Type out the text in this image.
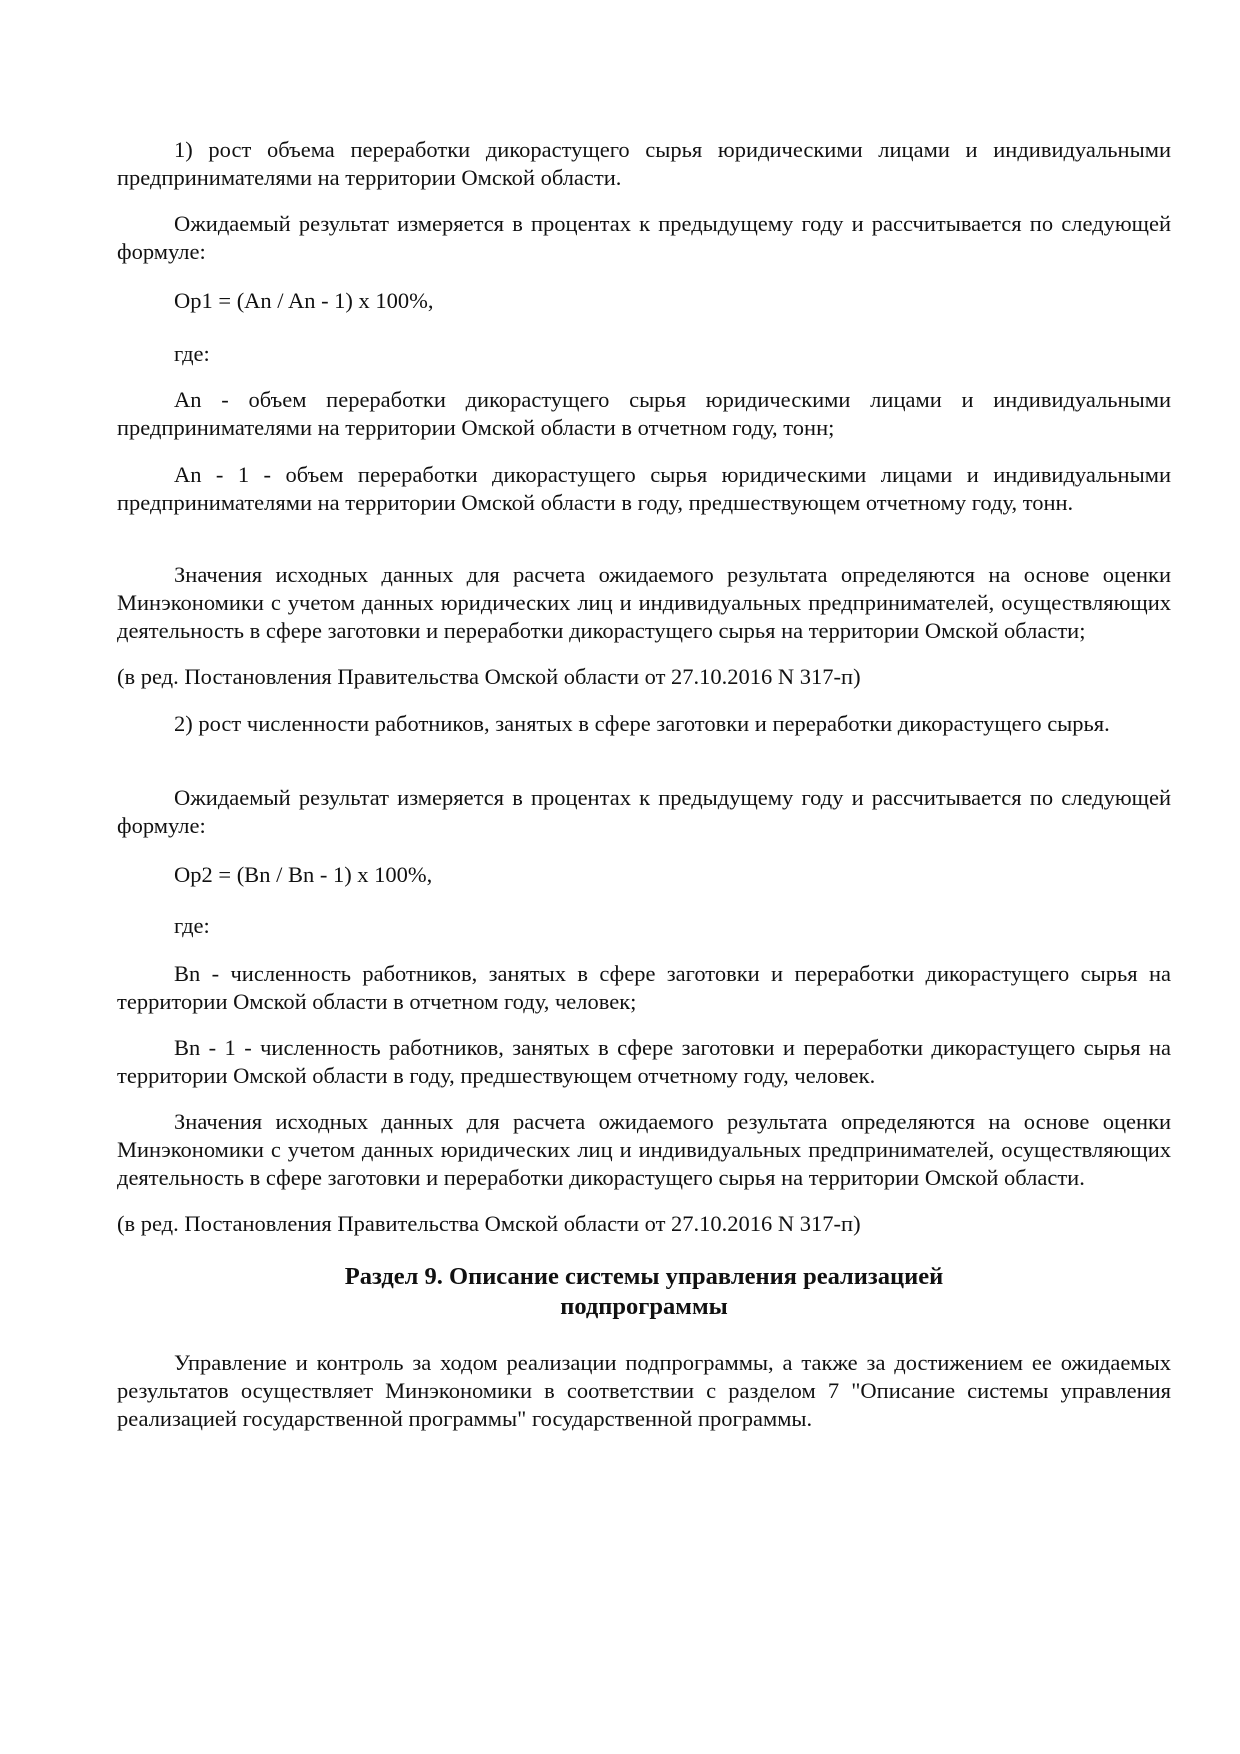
1) рост объема переработки дикорастущего сырья юридическими лицами и индивидуальными предпринимателями на территории Омской области.

Ожидаемый результат измеряется в процентах к предыдущему году и рассчитывается по следующей формуле:

Op1 = (An / An - 1) x 100%,

где:

An - объем переработки дикорастущего сырья юридическими лицами и индивидуальными предпринимателями на территории Омской области в отчетном году, тонн;

An - 1 - объем переработки дикорастущего сырья юридическими лицами и индивидуальными предпринимателями на территории Омской области в году, предшествующем отчетному году, тонн.

Значения исходных данных для расчета ожидаемого результата определяются на основе оценки Минэкономики с учетом данных юридических лиц и индивидуальных предпринимателей, осуществляющих деятельность в сфере заготовки и переработки дикорастущего сырья на территории Омской области;

(в ред. Постановления Правительства Омской области от 27.10.2016 N 317-п)

2) рост численности работников, занятых в сфере заготовки и переработки дикорастущего сырья.

Ожидаемый результат измеряется в процентах к предыдущему году и рассчитывается по следующей формуле:

Op2 = (Bn / Bn - 1) x 100%,

где:

Bn - численность работников, занятых в сфере заготовки и переработки дикорастущего сырья на территории Омской области в отчетном году, человек;

Bn - 1 - численность работников, занятых в сфере заготовки и переработки дикорастущего сырья на территории Омской области в году, предшествующем отчетному году, человек.

Значения исходных данных для расчета ожидаемого результата определяются на основе оценки Минэкономики с учетом данных юридических лиц и индивидуальных предпринимателей, осуществляющих деятельность в сфере заготовки и переработки дикорастущего сырья на территории Омской области.

(в ред. Постановления Правительства Омской области от 27.10.2016 N 317-п)

Раздел 9. Описание системы управления реализацией
подпрограммы

Управление и контроль за ходом реализации подпрограммы, а также за достижением ее ожидаемых результатов осуществляет Минэкономики в соответствии с разделом 7 "Описание системы управления реализацией государственной программы" государственной программы.
